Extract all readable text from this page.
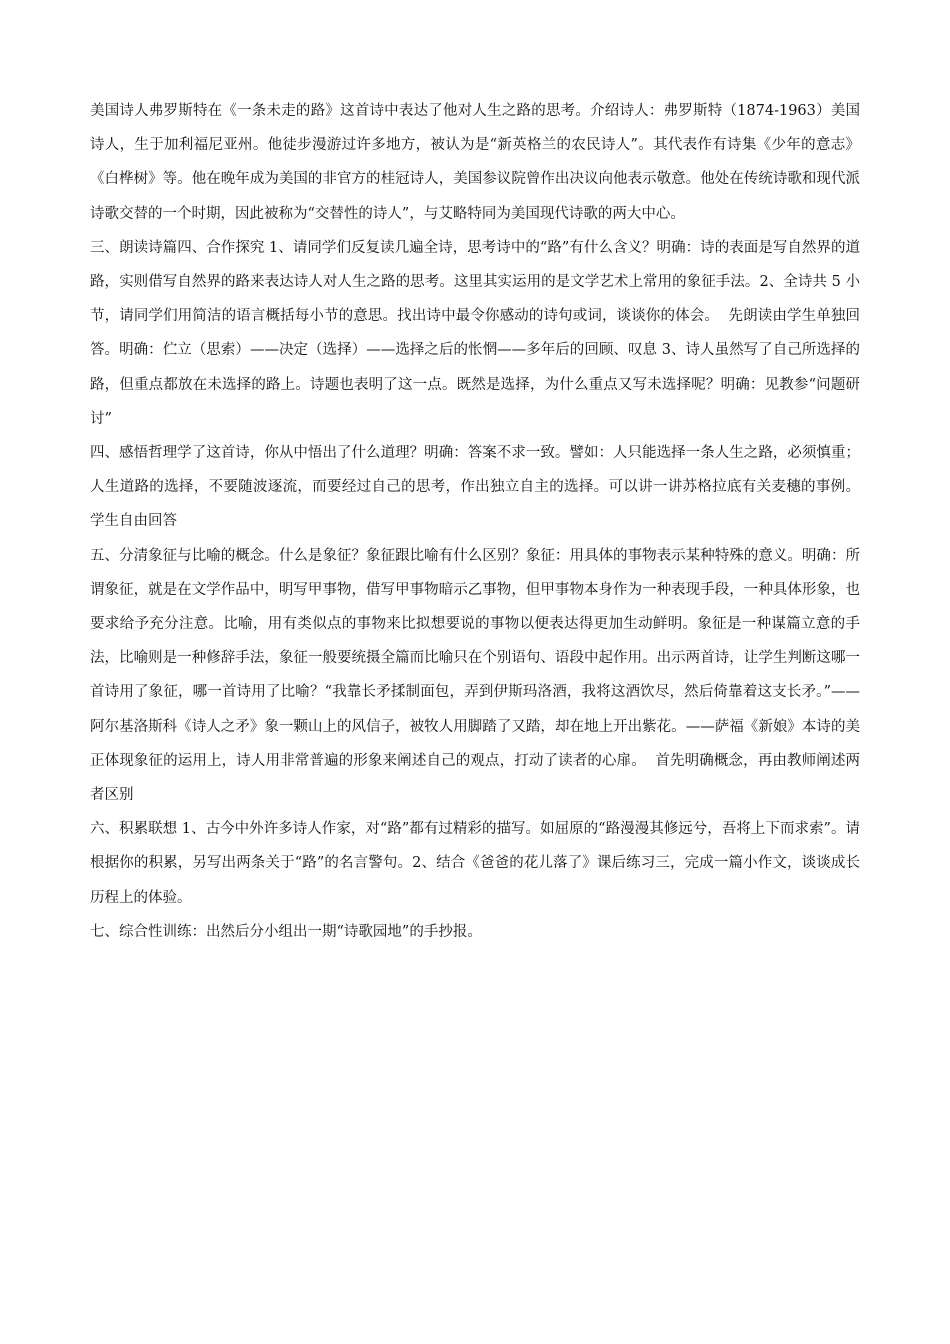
美国诗人弗罗斯特在《一条未走的路》这首诗中表达了他对人生之路的思考。介绍诗人：弗罗斯特（1874-1963）美国诗人，生于加利福尼亚州。他徒步漫游过许多地方，被认为是“新英格兰的农民诗人”。其代表作有诗集《少年的意志》《白桦树》等。他在晚年成为美国的非官方的桂冠诗人，美国参议院曾作出决议向他表示敬意。他处在传统诗歌和现代派诗歌交替的一个时期，因此被称为“交替性的诗人”，与艾略特同为美国现代诗歌的两大中心。

三、朗读诗篇四、合作探究 1、请同学们反复读几遍全诗，思考诗中的“路”有什么含义？明确：诗的表面是写自然界的道路，实则借写自然界的路来表达诗人对人生之路的思考。这里其实运用的是文学艺术上常用的象征手法。2、全诗共 5 小节，请同学们用简洁的语言概括每小节的意思。找出诗中最令你感动的诗句或词，谈谈你的体会。  先朗读由学生单独回答。明确：伫立（思索）——决定（选择）——选择之后的怅惘——多年后的回顾、叹息 3、诗人虽然写了自己所选择的路，但重点都放在未选择的路上。诗题也表明了这一点。既然是选择，为什么重点又写未选择呢？明确：见教参“问题研讨”

四、感悟哲理学了这首诗，你从中悟出了什么道理？明确：答案不求一致。譬如：人只能选择一条人生之路，必须慎重；人生道路的选择，不要随波逐流，而要经过自己的思考，作出独立自主的选择。可以讲一讲苏格拉底有关麦穗的事例。  学生自由回答

五、分清象征与比喻的概念。什么是象征？象征跟比喻有什么区别？象征：用具体的事物表示某种特殊的意义。明确：所谓象征，就是在文学作品中，明写甲事物，借写甲事物暗示乙事物，但甲事物本身作为一种表现手段，一种具体形象，也要求给予充分注意。比喻，用有类似点的事物来比拟想要说的事物以便表达得更加生动鲜明。象征是一种谋篇立意的手法，比喻则是一种修辞手法，象征一般要统摄全篇而比喻只在个别语句、语段中起作用。出示两首诗，让学生判断这哪一首诗用了象征，哪一首诗用了比喻？“我靠长矛揉制面包，弄到伊斯玛洛酒，我将这酒饮尽，然后倚靠着这支长矛。”——阿尔基洛斯科《诗人之矛》象一颗山上的风信子，被牧人用脚踏了又踏，却在地上开出紫花。——萨福《新娘》本诗的美正体现象征的运用上，诗人用非常普遍的形象来阐述自己的观点，打动了读者的心扉。  首先明确概念，再由教师阐述两者区别

六、积累联想 1、古今中外许多诗人作家，对“路”都有过精彩的描写。如屈原的“路漫漫其修远兮，吾将上下而求索”。请根据你的积累，另写出两条关于“路”的名言警句。2、结合《爸爸的花儿落了》课后练习三，完成一篇小作文，谈谈成长历程上的体验。

七、综合性训练：出然后分小组出一期“诗歌园地”的手抄报。
